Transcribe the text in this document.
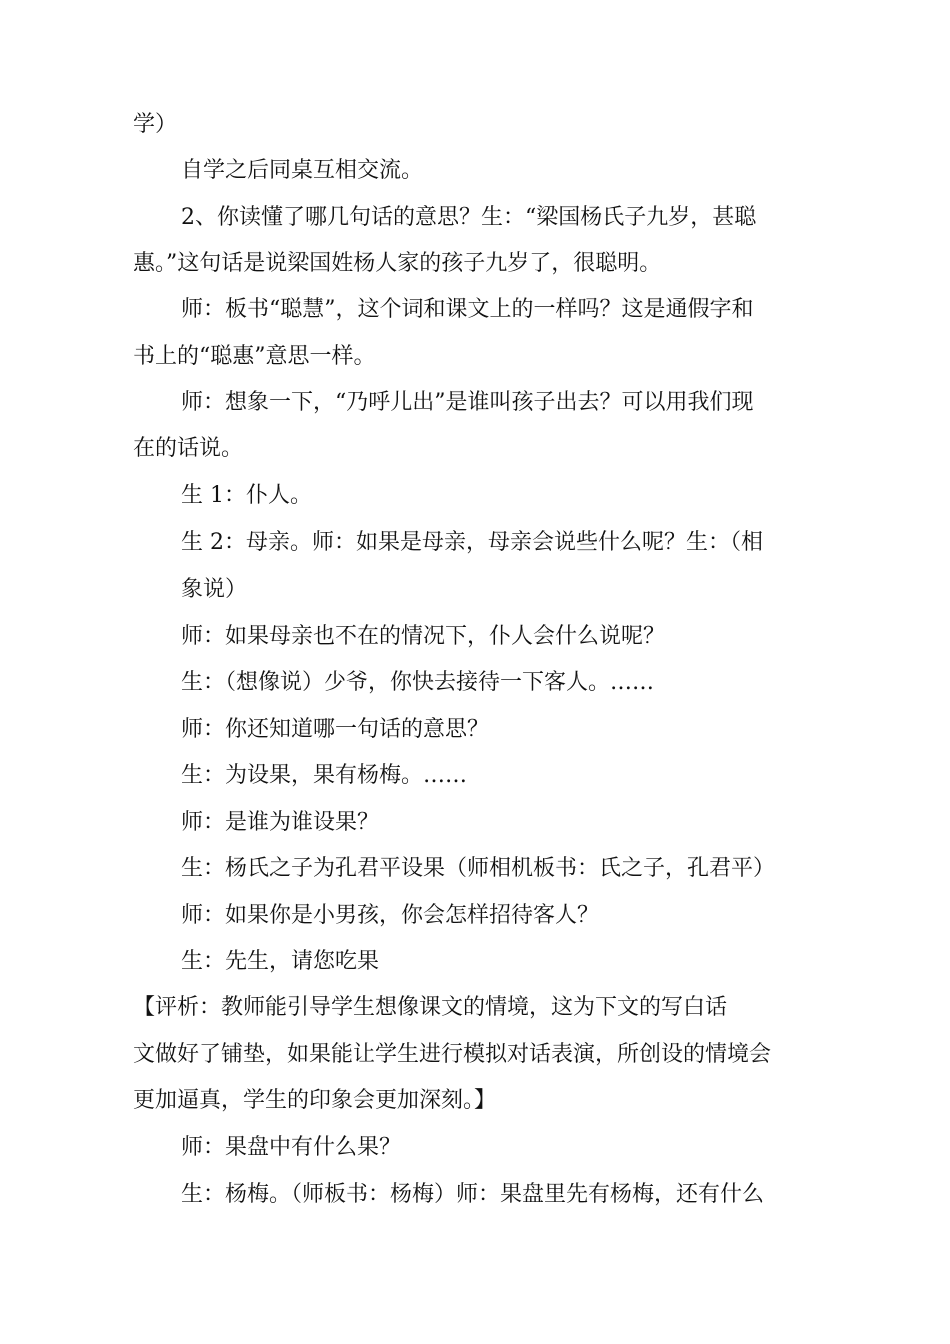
学）
自学之后同桌互相交流。
2、你读懂了哪几句话的意思？生：“梁国杨氏子九岁，甚聪
惠。”这句话是说梁国姓杨人家的孩子九岁了，很聪明。
师：板书“聪慧”，这个词和课文上的一样吗？这是通假字和
书上的“聪惠”意思一样。
师：想象一下，“乃呼儿出”是谁叫孩子出去？可以用我们现
在的话说。
生 1：仆人。
生 2：母亲。师：如果是母亲，母亲会说些什么呢？生：（相
象说）
师：如果母亲也不在的情况下，仆人会什么说呢？
生：（想像说）少爷，你快去接待一下客人。……
师：你还知道哪一句话的意思？
生：为设果，果有杨梅。……
师：是谁为谁设果？
生：杨氏之子为孔君平设果（师相机板书：氏之子，孔君平）
师：如果你是小男孩，你会怎样招待客人？
生：先生，请您吃果
【评析：教师能引导学生想像课文的情境，这为下文的写白话
文做好了铺垫，如果能让学生进行模拟对话表演，所创设的情境会
更加逼真，学生的印象会更加深刻。】
师：果盘中有什么果？
生：杨梅。（师板书：杨梅）师：果盘里先有杨梅，还有什么
